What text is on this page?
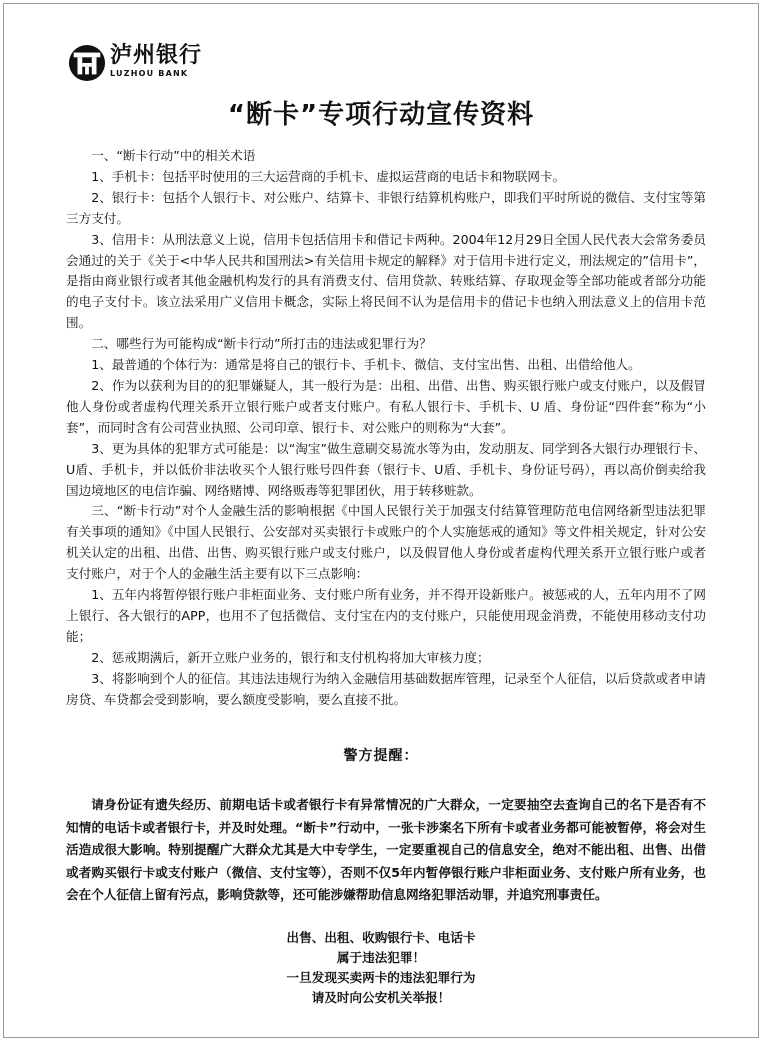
泸州银行
LUZHOU BANK
“断卡”专项行动宣传资料

一、“断卡行动”中的相关术语

1、手机卡：包括平时使用的三大运营商的手机卡、虚拟运营商的电话卡和物联网卡。

2、银行卡：包括个人银行卡、对公账户、结算卡、非银行结算机构账户，即我们平时所说的微信、支付宝等第三方支付。

3、信用卡：从刑法意义上说，信用卡包括信用卡和借记卡两种。2004年12月29日全国人民代表大会常务委员会通过的关于《关于<中华人民共和国刑法>有关信用卡规定的解释》对于信用卡进行定义，刑法规定的”信用卡”，是指由商业银行或者其他金融机构发行的具有消费支付、信用贷款、转账结算、存取现金等全部功能或者部分功能的电子支付卡。该立法采用广义信用卡概念，实际上将民间不认为是信用卡的借记卡也纳入刑法意义上的信用卡范围。

二、哪些行为可能构成“断卡行动”所打击的违法或犯罪行为？

1、最普通的个体行为：通常是将自己的银行卡、手机卡、微信、支付宝出售、出租、出借给他人。

2、作为以获利为目的的犯罪嫌疑人，其一般行为是：出租、出借、出售、购买银行账户或支付账户，以及假冒他人身份或者虚构代理关系开立银行账户或者支付账户。有私人银行卡、手机卡、U 盾、身份证“四件套”称为“小套”，而同时含有公司营业执照、公司印章、银行卡、对公账户的则称为“大套”。

3、更为具体的犯罪方式可能是：以“淘宝”做生意刷交易流水等为由，发动朋友、同学到各大银行办理银行卡、U盾、手机卡，并以低价非法收买个人银行账号四件套（银行卡、U盾、手机卡、身份证号码），再以高价倒卖给我国边境地区的电信诈骗、网络赌博、网络贩毒等犯罪团伙，用于转移赃款。

三、“断卡行动”对个人金融生活的影响根据《中国人民银行关于加强支付结算管理防范电信网络新型违法犯罪有关事项的通知》《中国人民银行、公安部对买卖银行卡或账户的个人实施惩戒的通知》等文件相关规定，针对公安机关认定的出租、出借、出售、购买银行账户或支付账户，以及假冒他人身份或者虚构代理关系开立银行账户或者支付账户，对于个人的金融生活主要有以下三点影响：

1、五年内将暂停银行账户非柜面业务、支付账户所有业务，并不得开设新账户。被惩戒的人，五年内用不了网上银行、各大银行的APP，也用不了包括微信、支付宝在内的支付账户，只能使用现金消费，不能使用移动支付功能；

2、惩戒期满后，新开立账户业务的，银行和支付机构将加大审核力度；

3、将影响到个人的征信。其违法违规行为纳入金融信用基础数据库管理，记录至个人征信，以后贷款或者申请房贷、车贷都会受到影响，要么额度受影响，要么直接不批。

警方提醒：

请身份证有遗失经历、前期电话卡或者银行卡有异常情况的广大群众，一定要抽空去查询自己的名下是否有不知情的电话卡或者银行卡，并及时处理。“断卡”行动中，一张卡涉案名下所有卡或者业务都可能被暂停，将会对生活造成很大影响。特别提醒广大群众尤其是大中专学生，一定要重视自己的信息安全，绝对不能出租、出售、出借或者购买银行卡或支付账户（微信、支付宝等），否则不仅5年内暂停银行账户非柜面业务、支付账户所有业务，也会在个人征信上留有污点，影响贷款等，还可能涉嫌帮助信息网络犯罪活动罪，并追究刑事责任。

出售、出租、收购银行卡、电话卡
属于违法犯罪！
一旦发现买卖两卡的违法犯罪行为
请及时向公安机关举报！
